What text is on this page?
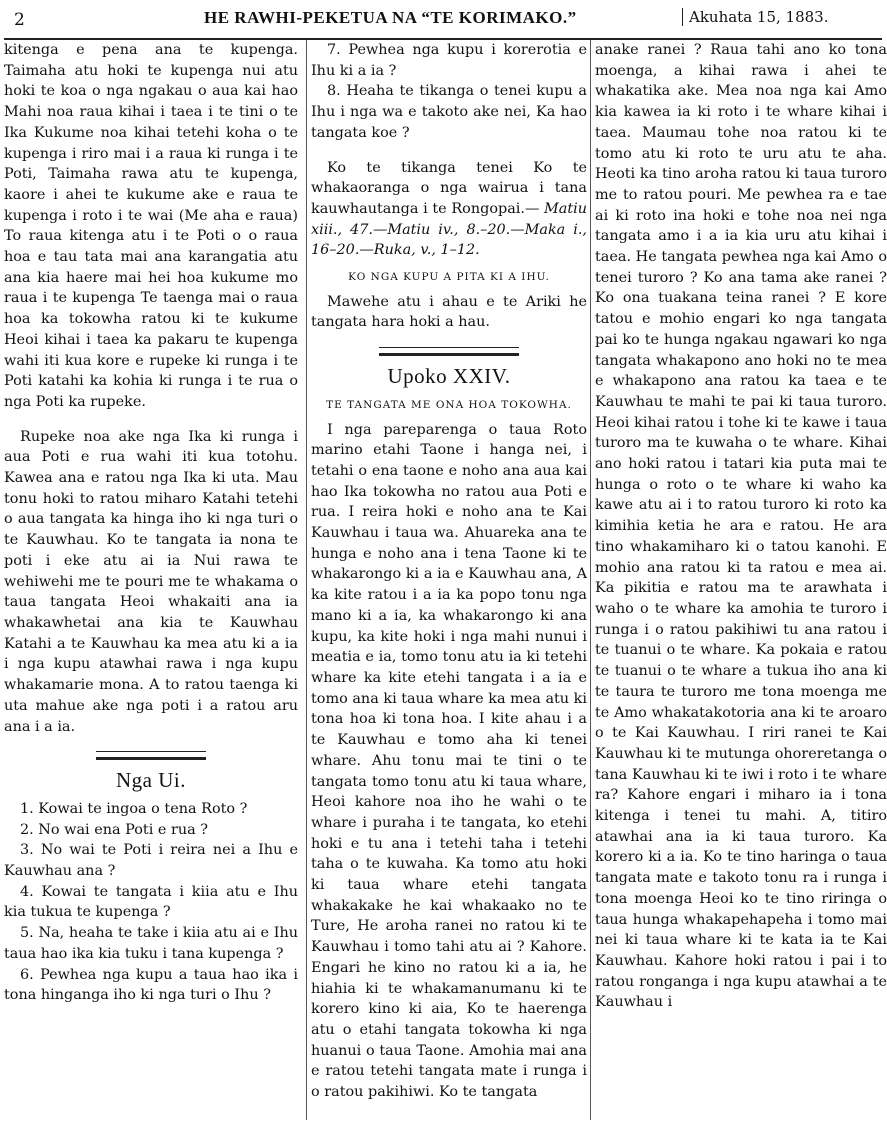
2	HE RAWHI-PEKETUA NA “TE KORIMAKO.”	Akuhata 15, 1883.

kitenga e pena ana te kupenga. Taimaha atu hoki te kupenga nui atu hoki te koa o nga ngakau o aua kai hao Mahi noa raua kihai i taea i te tini o te Ika Kukume noa kihai tetehi koha o te kupenga i riro mai i a raua ki runga i te Poti, Taimaha rawa atu te kupenga, kaore i ahei te kukume ake e raua te kupenga i roto i te wai (Me aha e raua) To raua kitenga atu i te Poti o o raua hoa e tau tata mai ana karangatia atu ana kia haere mai hei hoa kukume mo raua i te kupenga Te taenga mai o raua hoa ka tokowha ratou ki te kukume Heoi kihai i taea ka pakaru te kupenga wahi iti kua kore e rupeke ki runga i te Poti katahi ka kohia ki runga i te rua o nga Poti ka rupeke.

Rupeke noa ake nga Ika ki runga i aua Poti e rua wahi iti kua totohu. Kawea ana e ratou nga Ika ki uta. Mau tonu hoki to ratou miharo Katahi tetehi o aua tangata ka hinga iho ki nga turi o te Kauwhau. Ko te tangata ia nona te poti i eke atu ai ia Nui rawa te wehiwehi me te pouri me te whakama o taua tangata Heoi whakaiti ana ia whakawhetai ana kia te Kauwhau Katahi a te Kauwhau ka mea atu ki a ia i nga kupu atawhai rawa i nga kupu whakamarie mona. A to ratou taenga ki uta mahue ake nga poti i a ratou aru ana i a ia.

Nga Ui.

1. Kowai te ingoa o tena Roto ?

2. No wai ena Poti e rua ?

3. No wai te Poti i reira nei a Ihu e Kauwhau ana ?

4. Kowai te tangata i kiia atu e Ihu kia tukua te kupenga ?

5. Na, heaha te take i kiia atu ai e Ihu taua hao ika kia tuku i tana kupenga ?

6. Pewhea nga kupu a taua hao ika i tona hinganga iho ki nga turi o Ihu ?

7. Pewhea nga kupu i korerotia e Ihu ki a ia ?

8. Heaha te tikanga o tenei kupu a Ihu i nga wa e takoto ake nei, Ka hao tangata koe ?

Ko te tikanga tenei Ko te whakaoranga o nga wairua i tana kauwhautanga i te Rongopai.— Matiu xiii., 47.—Matiu iv., 8.–20.—Maka i., 16–20.—Ruka, v., 1–12.

KO NGA KUPU A PITA KI A IHU.

Mawehe atu i ahau e te Ariki he tangata hara hoki a hau.

Upoko XXIV.

TE TANGATA ME ONA HOA TOKOWHA.

I nga pareparenga o taua Roto marino etahi Taone i hanga nei, i tetahi o ena taone e noho ana aua kai hao Ika tokowha no ratou aua Poti e rua. I reira hoki e noho ana te Kai Kauwhau i taua wa. Ahuareka ana te hunga e noho ana i tena Taone ki te whakarongo ki a ia e Kauwhau ana, A ka kite ratou i a ia ka popo tonu nga mano ki a ia, ka whakarongo ki ana kupu, ka kite hoki i nga mahi nunui i meatia e ia, tomo tonu atu ia ki tetehi whare ka kite etehi tangata i a ia e tomo ana ki taua whare ka mea atu ki tona hoa ki tona hoa. I kite ahau i a te Kauwhau e tomo aha ki tenei whare. Ahu tonu mai te tini o te tangata tomo tonu atu ki taua whare, Heoi kahore noa iho he wahi o te whare i puraha i te tangata, ko etehi hoki e tu ana i tetehi taha i tetehi taha o te kuwaha. Ka tomo atu hoki ki taua whare etehi tangata whakakake he kai whakaako no te Ture, He aroha ranei no ratou ki te Kauwhau i tomo tahi atu ai ? Kahore. Engari he kino no ratou ki a ia, he hiahia ki te whakamanumanu ki te korero kino ki aia, Ko te haerenga atu o etahi tangata tokowha ki nga huanui o taua Taone. Amohia mai ana e ratou tetehi tangata mate i runga i o ratou pakihiwi. Ko te tangata

anake ranei ? Raua tahi ano ko tona moenga, a kihai rawa i ahei te whakatika ake. Mea noa nga kai Amo kia kawea ia ki roto i te whare kihai i taea. Maumau tohe noa ratou ki te tomo atu ki roto te uru atu te aha. Heoti ka tino aroha ratou ki taua turoro me to ratou pouri. Me pewhea ra e tae ai ki roto ina hoki e tohe noa nei nga tangata amo i a ia kia uru atu kihai i taea. He tangata pewhea nga kai Amo o tenei turoro ? Ko ana tama ake ranei ? Ko ona tuakana teina ranei ? E kore tatou e mohio engari ko nga tangata pai ko te hunga ngakau ngawari ko nga tangata whakapono ano hoki no te mea e whakapono ana ratou ka taea e te Kauwhau te mahi te pai ki taua turoro. Heoi kihai ratou i tohe ki te kawe i taua turoro ma te kuwaha o te whare. Kihai ano hoki ratou i tatari kia puta mai te hunga o roto o te whare ki waho ka kawe atu ai i to ratou turoro ki roto ka kimihia ketia he ara e ratou. He ara tino whakamiharo ki o tatou kanohi. E mohio ana ratou ki ta ratou e mea ai. Ka pikitia e ratou ma te arawhata i waho o te whare ka amohia te turoro i runga i o ratou pakihiwi tu ana ratou i te tuanui o te whare. Ka pokaia e ratou te tuanui o te whare a tukua iho ana ki te taura te turoro me tona moenga me te Amo whakatakotoria ana ki te aroaro o te Kai Kauwhau. I riri ranei te Kai Kauwhau ki te mutunga ohoreretanga o tana Kauwhau ki te iwi i roto i te whare ra? Kahore engari i miharo ia i tona kitenga i tenei tu mahi. A, titiro atawhai ana ia ki taua turoro. Ka korero ki a ia. Ko te tino haringa o taua tangata mate e takoto tonu ra i runga i tona moenga Heoi ko te tino riringa o taua hunga whakapehapeha i tomo mai nei ki taua whare ki te kata ia te Kai Kauwhau. Kahore hoki ratou i pai i to ratou ronganga i nga kupu atawhai a te Kauwhau i
